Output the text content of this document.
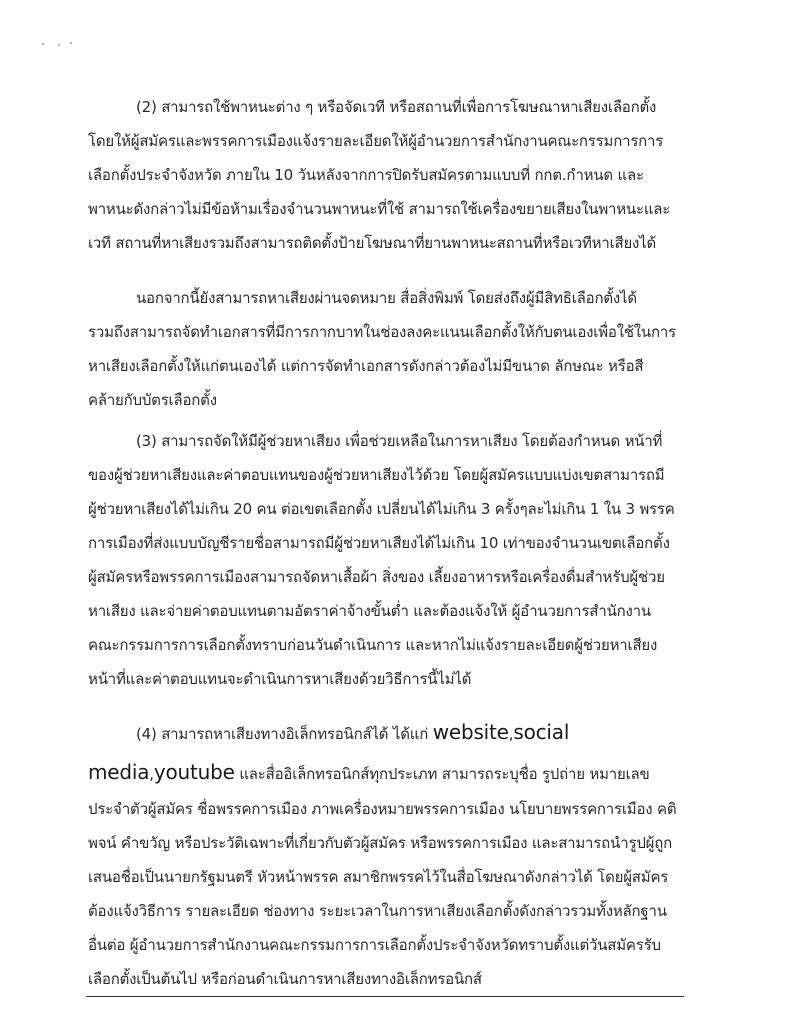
(2) สามารถใช้พาหนะต่าง ๆ หรือจัดเวที หรือสถานที่เพื่อการโฆษณาหาเสียงเลือกตั้ง
โดยให้ผู้สมัครและพรรคการเมืองแจ้งรายละเอียดให้ผู้อำนวยการสำนักงานคณะกรรมการการ
เลือกตั้งประจำจังหวัด ภายใน 10 วันหลังจากการปิดรับสมัครตามแบบที่ กกต.กำหนด และ
พาหนะดังกล่าวไม่มีข้อห้ามเรื่องจำนวนพาหนะที่ใช้ สามารถใช้เครื่องขยายเสียงในพาหนะและ
เวที สถานที่หาเสียงรวมถึงสามารถติดตั้งป้ายโฆษณาที่ยานพาหนะสถานที่หรือเวทีหาเสียงได้
นอกจากนี้ยังสามารถหาเสียงผ่านจดหมาย สื่อสิ่งพิมพ์ โดยส่งถึงผู้มีสิทธิเลือกตั้งได้
รวมถึงสามารถจัดทำเอกสารที่มีการกากบาทในช่องลงคะแนนเลือกตั้งให้กับตนเองเพื่อใช้ในการ
หาเสียงเลือกตั้งให้แก่ตนเองได้ แต่การจัดทำเอกสารดังกล่าวต้องไม่มีขนาด ลักษณะ หรือสี
คล้ายกับบัตรเลือกตั้ง
(3) สามารถจัดให้มีผู้ช่วยหาเสียง เพื่อช่วยเหลือในการหาเสียง โดยต้องกำหนด หน้าที่
ของผู้ช่วยหาเสียงและค่าตอบแทนของผู้ช่วยหาเสียงไว้ด้วย โดยผู้สมัครแบบแบ่งเขตสามารถมี
ผู้ช่วยหาเสียงได้ไม่เกิน 20 คน ต่อเขตเลือกตั้ง เปลี่ยนได้ไม่เกิน 3 ครั้งๆละไม่เกิน 1 ใน 3 พรรค
การเมืองที่ส่งแบบบัญชีรายชื่อสามารถมีผู้ช่วยหาเสียงได้ไม่เกิน 10 เท่าของจำนวนเขตเลือกตั้ง
ผู้สมัครหรือพรรคการเมืองสามารถจัดหาเสื้อผ้า สิ่งของ เลี้ยงอาหารหรือเครื่องดื่มสำหรับผู้ช่วย
หาเสียง และจ่ายค่าตอบแทนตามอัตราค่าจ้างขั้นต่ำ และต้องแจ้งให้ ผู้อำนวยการสำนักงาน
คณะกรรมการการเลือกตั้งทราบก่อนวันดำเนินการ และหากไม่แจ้งรายละเอียดผู้ช่วยหาเสียง
หน้าที่และค่าตอบแทนจะดำเนินการหาเสียงด้วยวิธีการนี้ไม่ได้
(4) สามารถหาเสียงทางอิเล็กทรอนิกส์ได้ ได้แก่ website,social
media,youtube และสื่ออิเล็กทรอนิกส์ทุกประเภท สามารถระบุชื่อ รูปถ่าย หมายเลข
ประจำตัวผู้สมัคร ชื่อพรรคการเมือง ภาพเครื่องหมายพรรคการเมือง นโยบายพรรคการเมือง คติ
พจน์ คำขวัญ หรือประวัติเฉพาะที่เกี่ยวกับตัวผู้สมัคร หรือพรรคการเมือง และสามารถนำรูปผู้ถูก
เสนอชื่อเป็นนายกรัฐมนตรี หัวหน้าพรรค สมาชิกพรรคไว้ในสื่อโฆษณาดังกล่าวได้ โดยผู้สมัคร
ต้องแจ้งวิธีการ รายละเอียด ช่องทาง ระยะเวลาในการหาเสียงเลือกตั้งดังกล่าวรวมทั้งหลักฐาน
อื่นต่อ ผู้อำนวยการสำนักงานคณะกรรมการการเลือกตั้งประจำจังหวัดทราบตั้งแต่วันสมัครรับ
เลือกตั้งเป็นต้นไป หรือก่อนดำเนินการหาเสียงทางอิเล็กทรอนิกส์
